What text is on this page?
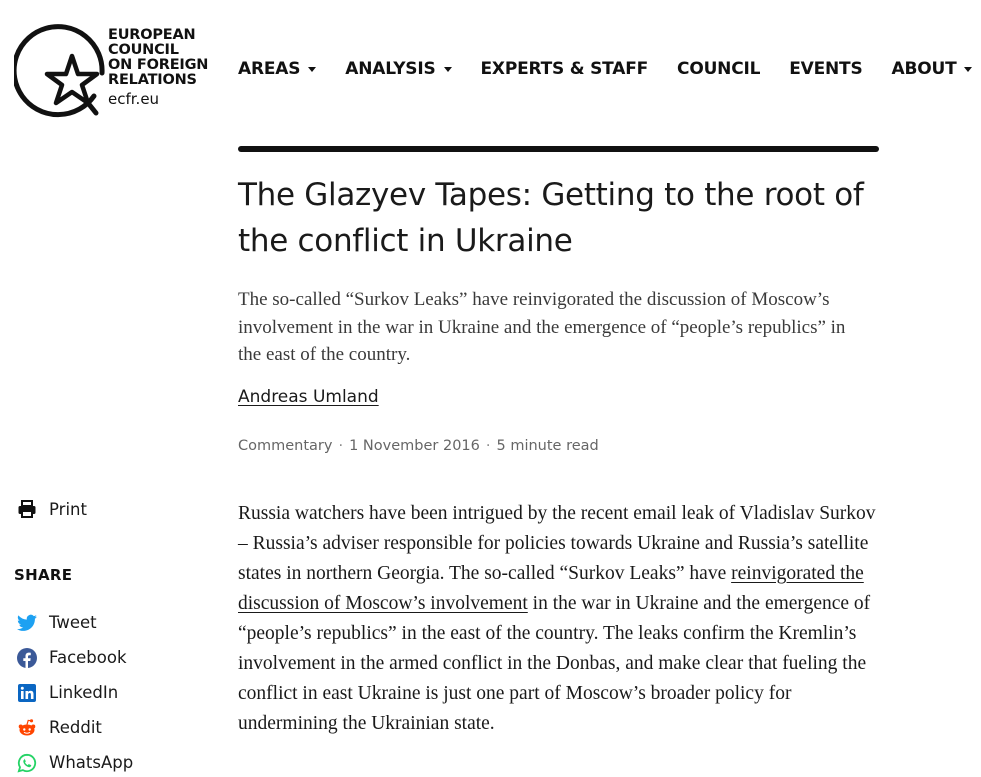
EUROPEAN
COUNCIL
ON FOREIGN
RELATIONS
ecfr.eu
AREAS	ANALYSIS	EXPERTS & STAFF COUNCIL EVENTS ABOUT
The Glazyev Tapes: Getting to the root of the conflict in Ukraine

The so-called “Surkov Leaks” have reinvigorated the discussion of Moscow’s involvement in the war in Ukraine and the emergence of “people’s republics” in the east of the country.

Andreas Umland
Commentary · 1 November 2016 · 5 minute read

Russia watchers have been intrigued by the recent email leak of Vladislav Surkov – Russia’s adviser responsible for policies towards Ukraine and Russia’s satellite states in northern Georgia. The so-called “Surkov Leaks” have reinvigorated the discussion of Moscow’s involvement in the war in Ukraine and the emergence of “people’s republics” in the east of the country. The leaks confirm the Kremlin’s involvement in the armed conflict in the Donbas, and make clear that fueling the conflict in east Ukraine is just one part of Moscow’s broader policy for undermining the Ukrainian state.

Print
SHARE
Tweet
Facebook
LinkedIn
Reddit
WhatsApp
